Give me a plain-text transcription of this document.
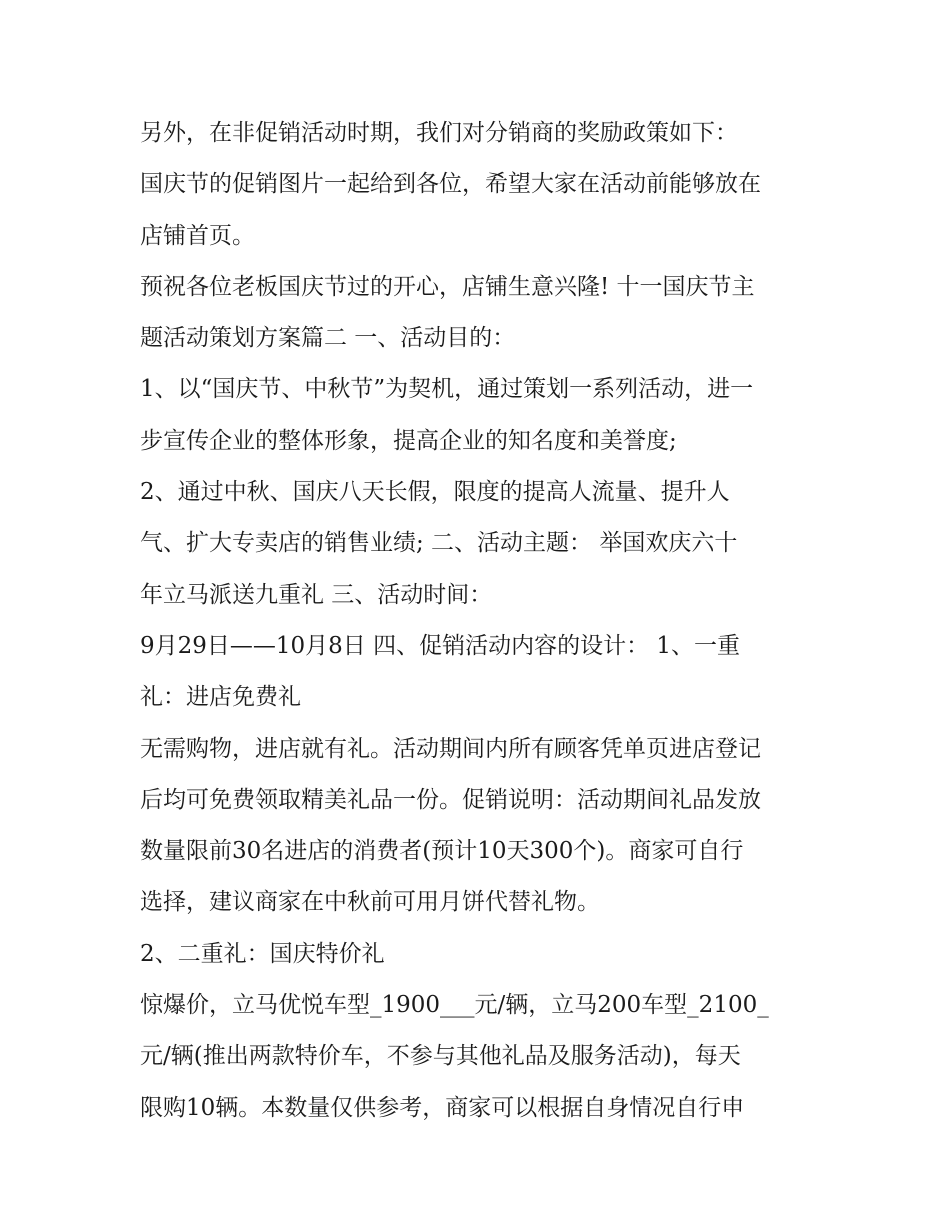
另外，在非促销活动时期，我们对分销商的奖励政策如下：
国庆节的促销图片一起给到各位，希望大家在活动前能够放在
店铺首页。
预祝各位老板国庆节过的开心，店铺生意兴隆! 十一国庆节主
题活动策划方案篇二 一、活动目的：
1、以“国庆节、中秋节”为契机，通过策划一系列活动，进一
步宣传企业的整体形象，提高企业的知名度和美誉度;
2、通过中秋、国庆八天长假，限度的提高人流量、提升人
气、扩大专卖店的销售业绩; 二、活动主题： 举国欢庆六十
年立马派送九重礼 三、活动时间：
9月29日——10月8日 四、促销活动内容的设计： 1、一重
礼：进店免费礼
无需购物，进店就有礼。活动期间内所有顾客凭单页进店登记
后均可免费领取精美礼品一份。促销说明：活动期间礼品发放
数量限前30名进店的消费者(预计10天300个)。商家可自行
选择，建议商家在中秋前可用月饼代替礼物。
2、二重礼：国庆特价礼
惊爆价，立马优悦车型_1900___元/辆，立马200车型_2100_
元/辆(推出两款特价车，不参与其他礼品及服务活动)，每天
限购10辆。本数量仅供参考，商家可以根据自身情况自行申
